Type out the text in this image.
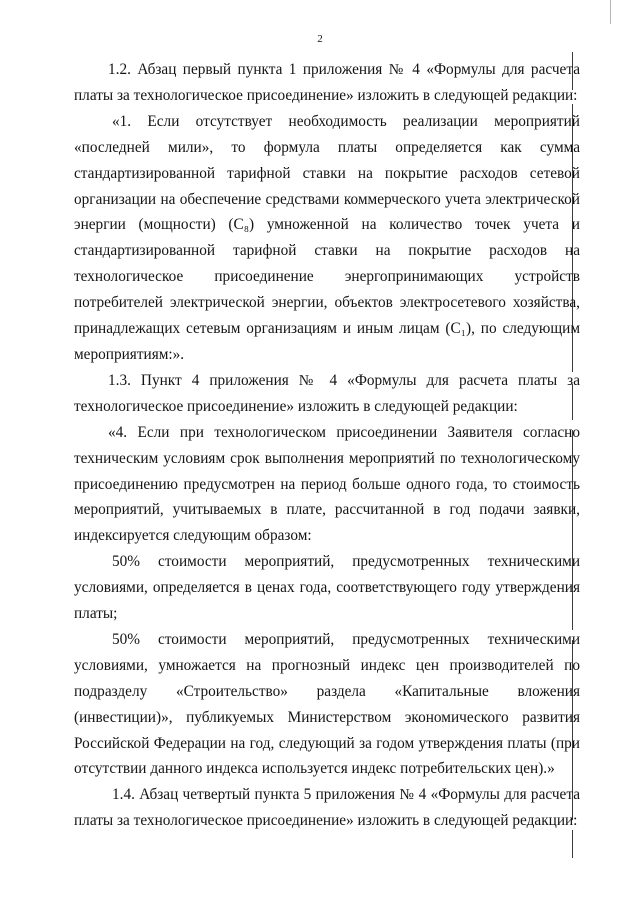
2

1.2. Абзац первый пункта 1 приложения № 4 «Формулы для расчета платы за технологическое присоединение» изложить в следующей редакции:

«1. Если отсутствует необходимость реализации мероприятий «последней мили», то формула платы определяется как сумма стандартизированной тарифной ставки на покрытие расходов сетевой организации на обеспечение средствами коммерческого учета электрической энергии (мощности) (C₈) умноженной на количество точек учета и стандартизированной тарифной ставки на покрытие расходов на технологическое присоединение энергопринимающих устройств потребителей электрической энергии, объектов электросетевого хозяйства, принадлежащих сетевым организациям и иным лицам (C₁), по следующим мероприятиям:».

1.3. Пункт 4 приложения № 4 «Формулы для расчета платы за технологическое присоединение» изложить в следующей редакции:

«4. Если при технологическом присоединении Заявителя согласно техническим условиям срок выполнения мероприятий по технологическому присоединению предусмотрен на период больше одного года, то стоимость мероприятий, учитываемых в плате, рассчитанной в год подачи заявки, индексируется следующим образом:

50% стоимости мероприятий, предусмотренных техническими условиями, определяется в ценах года, соответствующего году утверждения платы;

50% стоимости мероприятий, предусмотренных техническими условиями, умножается на прогнозный индекс цен производителей по подразделу «Строительство» раздела «Капитальные вложения (инвестиции)», публикуемых Министерством экономического развития Российской Федерации на год, следующий за годом утверждения платы (при отсутствии данного индекса используется индекс потребительских цен).»

1.4. Абзац четвертый пункта 5 приложения № 4 «Формулы для расчета платы за технологическое присоединение» изложить в следующей редакции:
